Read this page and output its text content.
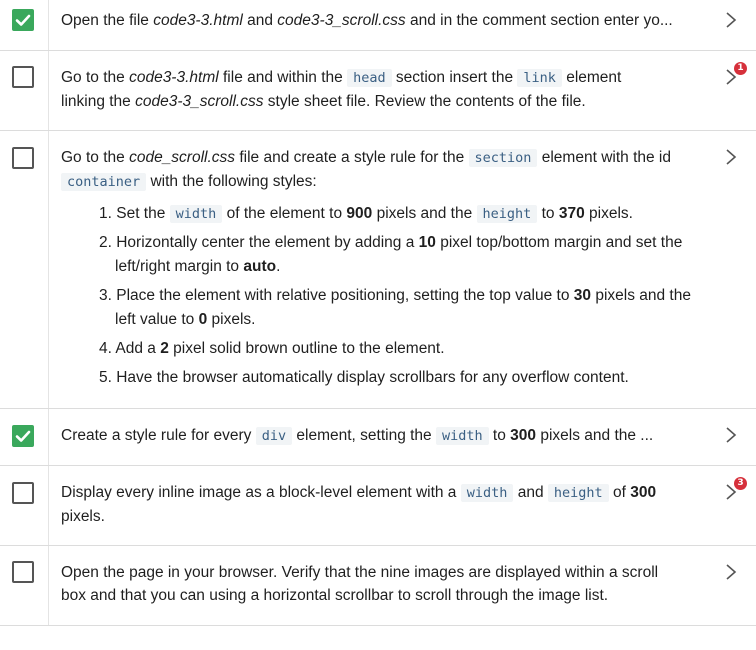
Open the file code3-3.html and code3-3_scroll.css and in the comment section enter yo...
Go to the code3-3.html file and within the head section insert the link element
linking the code3-3_scroll.css style sheet file. Review the contents of the file.
1
Go to the code_scroll.css file and create a style rule for the section element with the id
container with the following styles:
1. Set the width of the element to 900 pixels and the height to 370 pixels.
2. Horizontally center the element by adding a 10 pixel top/bottom margin and set the left/right margin to auto.
3. Place the element with relative positioning, setting the top value to 30 pixels and the left value to 0 pixels.
4. Add a 2 pixel solid brown outline to the element.
5. Have the browser automatically display scrollbars for any overflow content.
Create a style rule for every div element, setting the width to 300 pixels and the ...
Display every inline image as a block-level element with a width and height of 300
pixels.
3
Open the page in your browser. Verify that the nine images are displayed within a scroll
box and that you can using a horizontal scrollbar to scroll through the image list.
